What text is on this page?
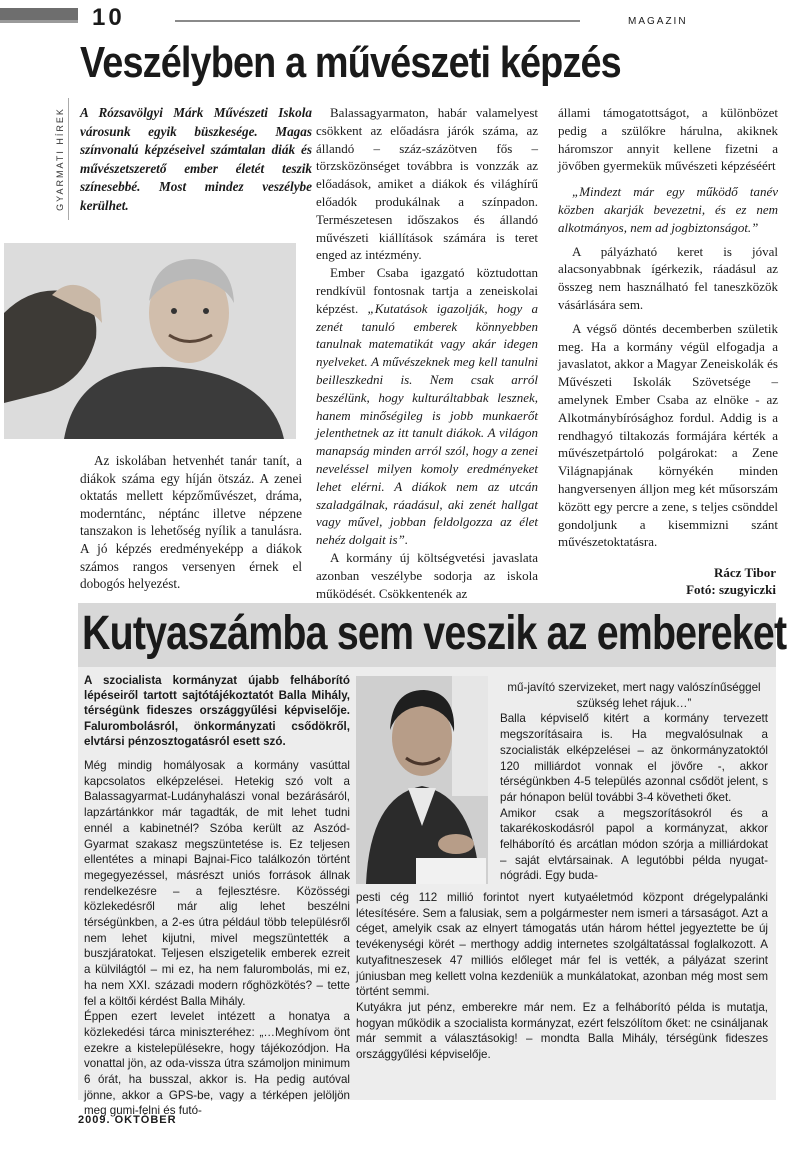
10	MAGAZIN
Veszélyben a művészeti képzés
GYARMATI HÍREK A Rózsavölgyi Márk Művészeti Iskola városunk egyik büszkesége. Magas színvonalú képzéseivel számtalan diák és művészetszerető ember életét teszik színesebbé. Most mindez veszélybe kerülhet.
Az iskolában hetvenhét tanár tanít, a diákok száma egy híján ötszáz. A zenei oktatás mellett képzőművészet, dráma, moderntánc, néptánc illetve népzene tanszakon is lehetőség nyílik a tanulásra. A jó képzés eredményeképp a diákok számos rangos versenyen érnek el dobogós helyezést.

Balassagyarmaton, habár valamelyest csökkent az előadásra járók száma, az állandó – száz-százötven fős – törzsközönséget továbbra is vonzzák az előadások, amiket a diákok és világhírű előadók produkálnak a színpadon. Természetesen időszakos és állandó művészeti kiállítások számára is teret enged az intézmény.

Ember Csaba igazgató köztudottan rendkívül fontosnak tartja a zeneiskolai képzést. „Kutatások igazolják, hogy a zenét tanuló emberek könnyebben tanulnak matematikát vagy akár idegen nyelveket. A művészeknek meg kell tanulni beilleszkedni is. Nem csak arról beszélünk, hogy kulturáltabbak lesznek, hanem minőségileg is jobb munkaerőt jelenthetnek az itt tanult diákok. A világon manapság minden arról szól, hogy a zenei neveléssel milyen komoly eredményeket lehet elérni. A diákok nem az utcán szaladgálnak, ráadásul, aki zenét hallgat vagy művel, jobban feldolgozza az élet nehéz dolgait is”.

A kormány új költségvetési javaslata azonban veszélybe sodorja az iskola működését. Csökkentenék az

állami támogatottságot, a különbözet pedig a szülőkre hárulna, akiknek háromszor annyit kellene fizetni a jövőben gyermekük művészeti képzéséért

„Mindezt már egy működő tanév közben akarják bevezetni, és ez nem alkotmányos, nem ad jogbiztonságot.”

A pályázható keret is jóval alacsonyabbnak ígérkezik, ráadásul az összeg nem használható fel taneszközök vásárlására sem.

A végső döntés decemberben születik meg. Ha a kormány végül elfogadja a javaslatot, akkor a Magyar Zeneiskolák és Művészeti Iskolák Szövetsége – amelynek Ember Csaba az elnöke - az Alkotmánybírósághoz fordul. Addig is a rendhagyó tiltakozás formájára kérték a művészetpártoló polgárokat: a Zene Világnapjának környékén minden hangversenyen álljon meg két műsorszám között egy percre a zene, s teljes csönddel gondoljunk a kisemmizni szánt művészetoktatásra.

Rácz Tibor
Fotó: szugyiczki
Kutyaszámba sem veszik az embereket
A szocialista kormányzat újabb felháborító lépéseiről tartott sajtótájékoztatót Balla Mihály, térségünk fideszes országgyűlési képviselője. Falurombolásról, önkormányzati csődökről, elvtársi pénzosztogatásról esett szó.

Még mindig homályosak a kormány vasúttal kapcsolatos elképzelései. Hetekig szó volt a Balassagyarmat-Ludányhalászi vonal bezárásáról, lapzártánkkor már tagadták, de mit lehet tudni ennél a kabinetnél? Szóba került az Aszód-Gyarmat szakasz megszüntetése is. Ez teljesen ellentétes a minapi Bajnai-Fico találkozón történt megegyezéssel, másrészt uniós források állnak rendelkezésre – a fejlesztésre. Közösségi közlekedésről már alig lehet beszélni térségünkben, a 2-es útra például több településről nem lehet kijutni, mivel megszüntették a buszjáratokat. Teljesen elszigetelik emberek ezreit a külvilágtól – mi ez, ha nem falurombolás, mi ez, ha nem XXI. századi modern rőghözkötés? – tette fel a költői kérdést Balla Mihály.

Éppen ezert levelet intézett a honatya a közlekedési tárca miniszteréhez: „…Meghívom önt ezekre a kistelepülésekre, hogy tájékozódjon. Ha vonattal jön, az oda-vissza útra számoljon minimum 6 órát, ha busszal, akkor is. Ha pedig autóval jönne, akkor a GPS-be, vagy a térképen jelöljön meg gumi-felni és futó-

mű-javító szervizeket, mert nagy valószínűséggel szükség lehet rájuk…”

Balla képviselő kitért a kormány tervezett megszorításaira is. Ha megvalósulnak a szocialisták elképzelései – az önkormányzatoktól 120 milliárdot vonnak el jövőre -, akkor térségünkben 4-5 település azonnal csődöt jelent, s pár hónapon belül további 3-4 követheti őket.

Amikor csak a megszorításokról és a takarékoskodásról papol a kormányzat, akkor felháborító és arcátlan módon szórja a milliárdokat – saját elvtársainak. A legutóbbi példa nyugat-nógrádi. Egy buda-

pesti cég 112 millió forintot nyert kutyaéletmód központ drégelypalánki létesítésére. Sem a falusiak, sem a polgármester nem ismeri a társaságot. Azt a céget, amelyik csak az elnyert támogatás után három héttel jegyeztette be új tevékenységi körét – merthogy addig internetes szolgáltatással foglalkozott. A kutyafitneszesek 47 milliós előleget már fel is vették, a pályázat szerint júniusban meg kellett volna kezdeniük a munkálatokat, azonban még most sem történt semmi.

Kutyákra jut pénz, emberekre már nem. Ez a felháborító példa is mutatja, hogyan működik a szocialista kormányzat, ezért felszólítom őket: ne csináljanak már semmit a választásokig! – mondta Balla Mihály, térségünk fideszes országgyűlési képviselője.

2009. OKTÓBER
